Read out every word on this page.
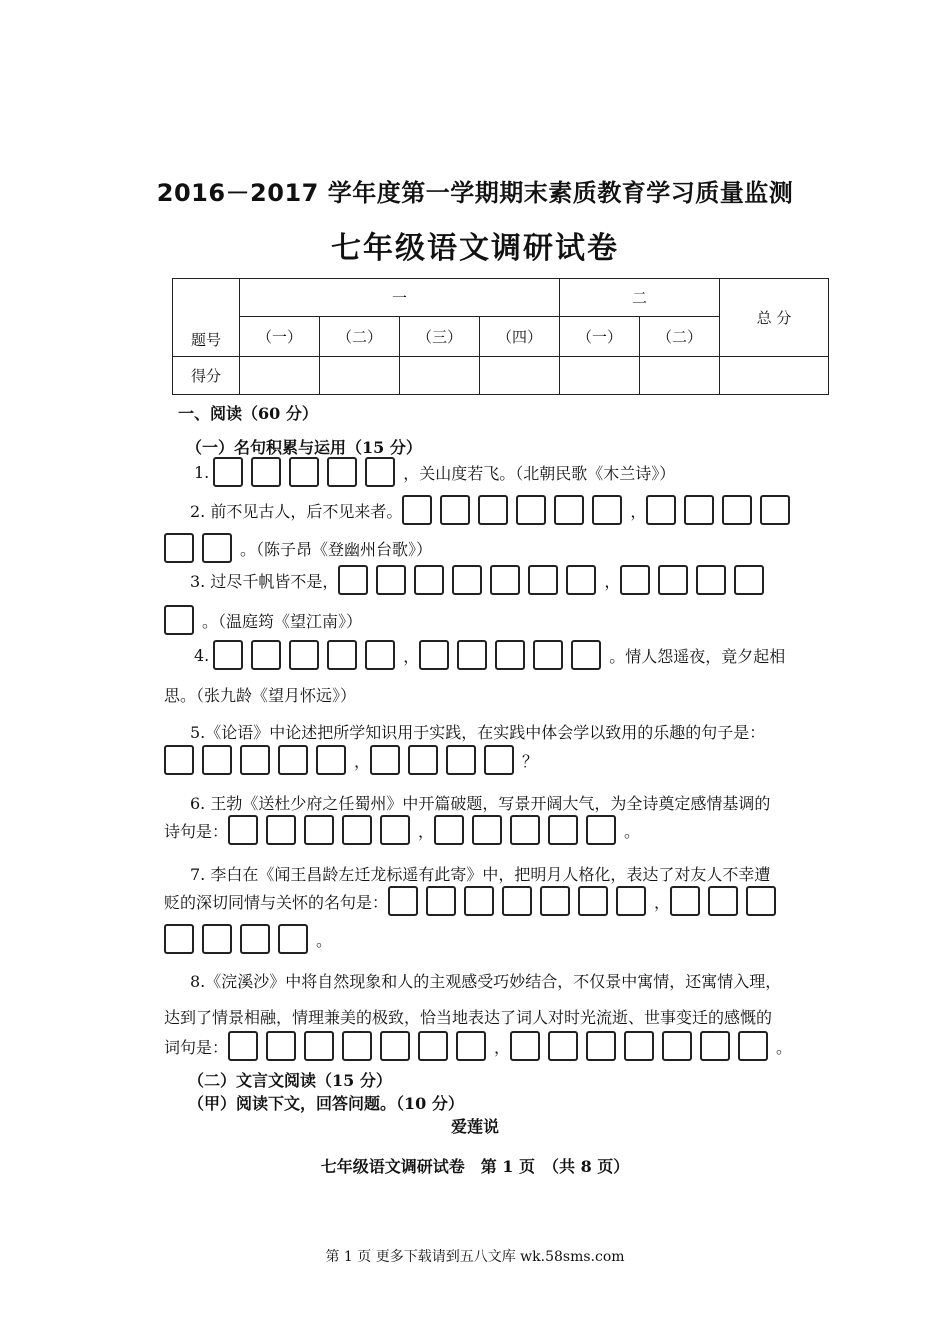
2016－2017 学年度第一学期期末素质教育学习质量监测
七年级语文调研试卷
题号	一				二		总 分
	（一）	（二）	（三）	（四）	（一）	（二）	
得分							
一、阅读（60 分）
（一）名句积累与运用（15 分）
1.	，关山度若飞。（北朝民歌《木兰诗》）
2. 前不见古人，后不见来者。	，
。（陈子昂《登幽州台歌》）
3. 过尽千帆皆不是，	，
。（温庭筠《望江南》）
4.	，	。情人怨遥夜，竟夕起相
思。（张九龄《望月怀远》）
5.《论语》中论述把所学知识用于实践，在实践中体会学以致用的乐趣的句子是：
，	？
6. 王勃《送杜少府之任蜀州》中开篇破题，写景开阔大气，为全诗奠定感情基调的
诗句是：	，	。
7. 李白在《闻王昌龄左迁龙标遥有此寄》中，把明月人格化，表达了对友人不幸遭
贬的深切同情与关怀的名句是：	，
。
8.《浣溪沙》中将自然现象和人的主观感受巧妙结合，不仅景中寓情，还寓情入理，
达到了情景相融，情理兼美的极致，恰当地表达了词人对时光流逝、世事变迁的感慨的
词句是：	，	。
（二）文言文阅读（15 分）
（甲）阅读下文，回答问题。（10 分）
爱莲说
七年级语文调研试卷　第 1 页　（共 8 页）
第 1 页 更多下载请到五八文库 wk.58sms.com
